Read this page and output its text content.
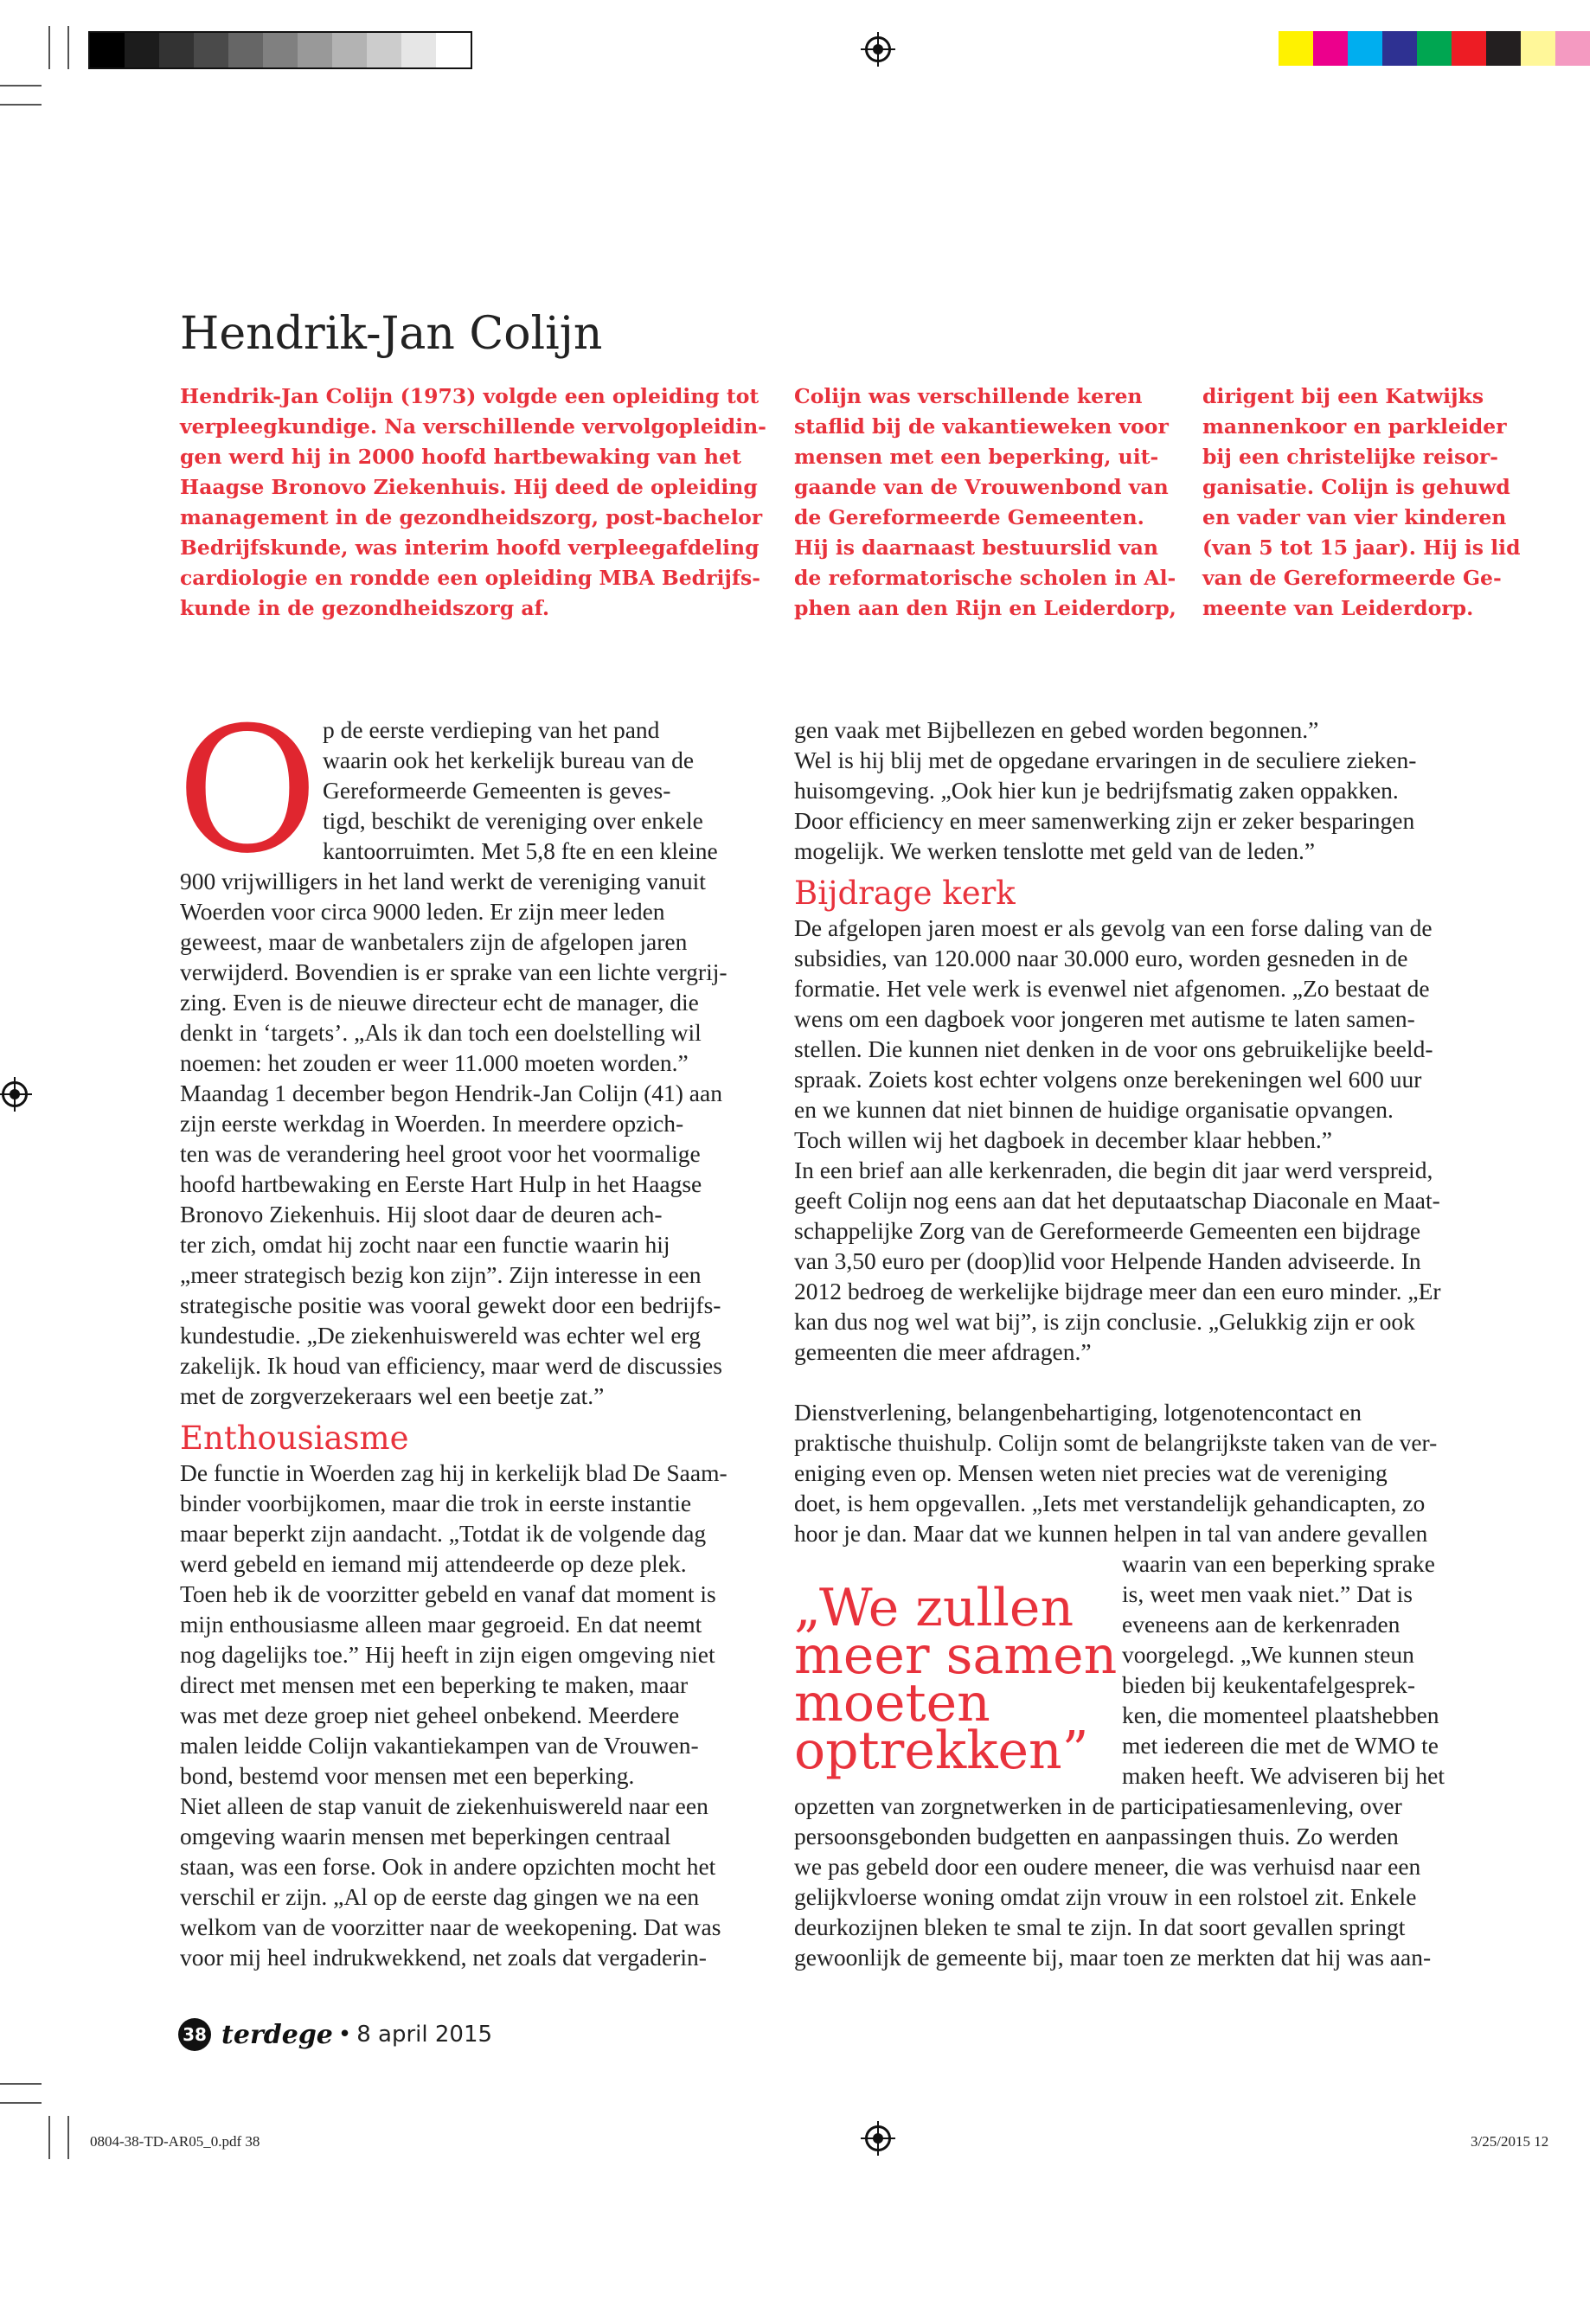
Hendrik-Jan Colijn

Hendrik-Jan Colijn (1973) volgde een opleiding tot

verpleegkundige. Na verschillende vervolgopleidin-

gen werd hij in 2000 hoofd hartbewaking van het

Haagse Bronovo Ziekenhuis. Hij deed de opleiding

management in de gezondheidszorg, post-bachelor

Bedrijfskunde, was interim hoofd verpleegafdeling

cardiologie en rondde een opleiding MBA Bedrijfs-

kunde in de gezondheidszorg af.

Colijn was verschillende keren

staflid bij de vakantieweken voor

mensen met een beperking, uit-

gaande van de Vrouwenbond van

de Gereformeerde Gemeenten.

Hij is daarnaast bestuurslid van

de reformatorische scholen in Al-

phen aan den Rijn en Leiderdorp,

dirigent bij een Katwijks

mannenkoor en parkleider

bij een christelijke reisor-

ganisatie. Colijn is gehuwd

en vader van vier kinderen

(van 5 tot 15 jaar). Hij is lid

van de Gereformeerde Ge-

meente van Leiderdorp.

O p de eerste verdieping van het pand

waarin ook het kerkelijk bureau van de

Gereformeerde Gemeenten is geves-

tigd, beschikt de vereniging over enkele

kantoorruimten. Met 5,8 fte en een kleine

900 vrijwilligers in het land werkt de vereniging vanuit

Woerden voor circa 9000 leden. Er zijn meer leden

geweest, maar de wanbetalers zijn de afgelopen jaren

verwijderd. Bovendien is er sprake van een lichte vergrij-

zing. Even is de nieuwe directeur echt de manager, die

denkt in ‘targets’. „Als ik dan toch een doelstelling wil

noemen: het zouden er weer 11.000 moeten worden.”

Maandag 1 december begon Hendrik-Jan Colijn (41) aan

zijn eerste werkdag in Woerden. In meerdere opzich-

ten was de verandering heel groot voor het voormalige

hoofd hartbewaking en Eerste Hart Hulp in het Haagse

Bronovo Ziekenhuis. Hij sloot daar de deuren ach-

ter zich, omdat hij zocht naar een functie waarin hij

„meer strategisch bezig kon zijn”. Zijn interesse in een

strategische positie was vooral gewekt door een bedrijfs-

kundestudie. „De ziekenhuiswereld was echter wel erg

zakelijk. Ik houd van efficiency, maar werd de discussies

met de zorgverzekeraars wel een beetje zat.”

Enthousiasme

De functie in Woerden zag hij in kerkelijk blad De Saam-

binder voorbijkomen, maar die trok in eerste instantie

maar beperkt zijn aandacht. „Totdat ik de volgende dag

werd gebeld en iemand mij attendeerde op deze plek.

Toen heb ik de voorzitter gebeld en vanaf dat moment is

mijn enthousiasme alleen maar gegroeid. En dat neemt

nog dagelijks toe.” Hij heeft in zijn eigen omgeving niet

direct met mensen met een beperking te maken, maar

was met deze groep niet geheel onbekend. Meerdere

malen leidde Colijn vakantiekampen van de Vrouwen-

bond, bestemd voor mensen met een beperking.

Niet alleen de stap vanuit de ziekenhuiswereld naar een

omgeving waarin mensen met beperkingen centraal

staan, was een forse. Ook in andere opzichten mocht het

verschil er zijn. „Al op de eerste dag gingen we na een

welkom van de voorzitter naar de weekopening. Dat was

voor mij heel indrukwekkend, net zoals dat vergaderin-

gen vaak met Bijbellezen en gebed worden begonnen.”

Wel is hij blij met de opgedane ervaringen in de seculiere zieken-

huisomgeving. „Ook hier kun je bedrijfsmatig zaken oppakken.

Door efficiency en meer samenwerking zijn er zeker besparingen

mogelijk. We werken tenslotte met geld van de leden.”

Bijdrage kerk

De afgelopen jaren moest er als gevolg van een forse daling van de

subsidies, van 120.000 naar 30.000 euro, worden gesneden in de

formatie. Het vele werk is evenwel niet afgenomen. „Zo bestaat de

wens om een dagboek voor jongeren met autisme te laten samen-

stellen. Die kunnen niet denken in de voor ons gebruikelijke beeld-

spraak. Zoiets kost echter volgens onze berekeningen wel 600 uur

en we kunnen dat niet binnen de huidige organisatie opvangen.

Toch willen wij het dagboek in december klaar hebben.”

In een brief aan alle kerkenraden, die begin dit jaar werd verspreid,

geeft Colijn nog eens aan dat het deputaatschap Diaconale en Maat-

schappelijke Zorg van de Gereformeerde Gemeenten een bijdrage

van 3,50 euro per (doop)lid voor Helpende Handen adviseerde. In

2012 bedroeg de werkelijke bijdrage meer dan een euro minder. „Er

kan dus nog wel wat bij”, is zijn conclusie. „Gelukkig zijn er ook

gemeenten die meer afdragen.”

Dienstverlening, belangenbehartiging, lotgenotencontact en

praktische thuishulp. Colijn somt de belangrijkste taken van de ver-

eniging even op. Mensen weten niet precies wat de vereniging

doet, is hem opgevallen. „Iets met verstandelijk gehandicapten, zo

hoor je dan. Maar dat we kunnen helpen in tal van andere gevallen

waarin van een beperking sprake

is, weet men vaak niet.” Dat is

eveneens aan de kerkenraden

voorgelegd. „We kunnen steun

bieden bij keukentafelgesprek-

ken, die momenteel plaatshebben

met iedereen die met de WMO te

maken heeft. We adviseren bij het

opzetten van zorgnetwerken in de participatiesamenleving, over

persoonsgebonden budgetten en aanpassingen thuis. Zo werden

we pas gebeld door een oudere meneer, die was verhuisd naar een

gelijkvloerse woning omdat zijn vrouw in een rolstoel zit. Enkele

deurkozijnen bleken te smal te zijn. In dat soort gevallen springt

gewoonlijk de gemeente bij, maar toen ze merkten dat hij was aan-

„We zullen

meer samen

moeten

optrekken”

38 terdege • 8 april 2015
0804-38-TD-AR05_0.pdf 38	3/25/2015 12
